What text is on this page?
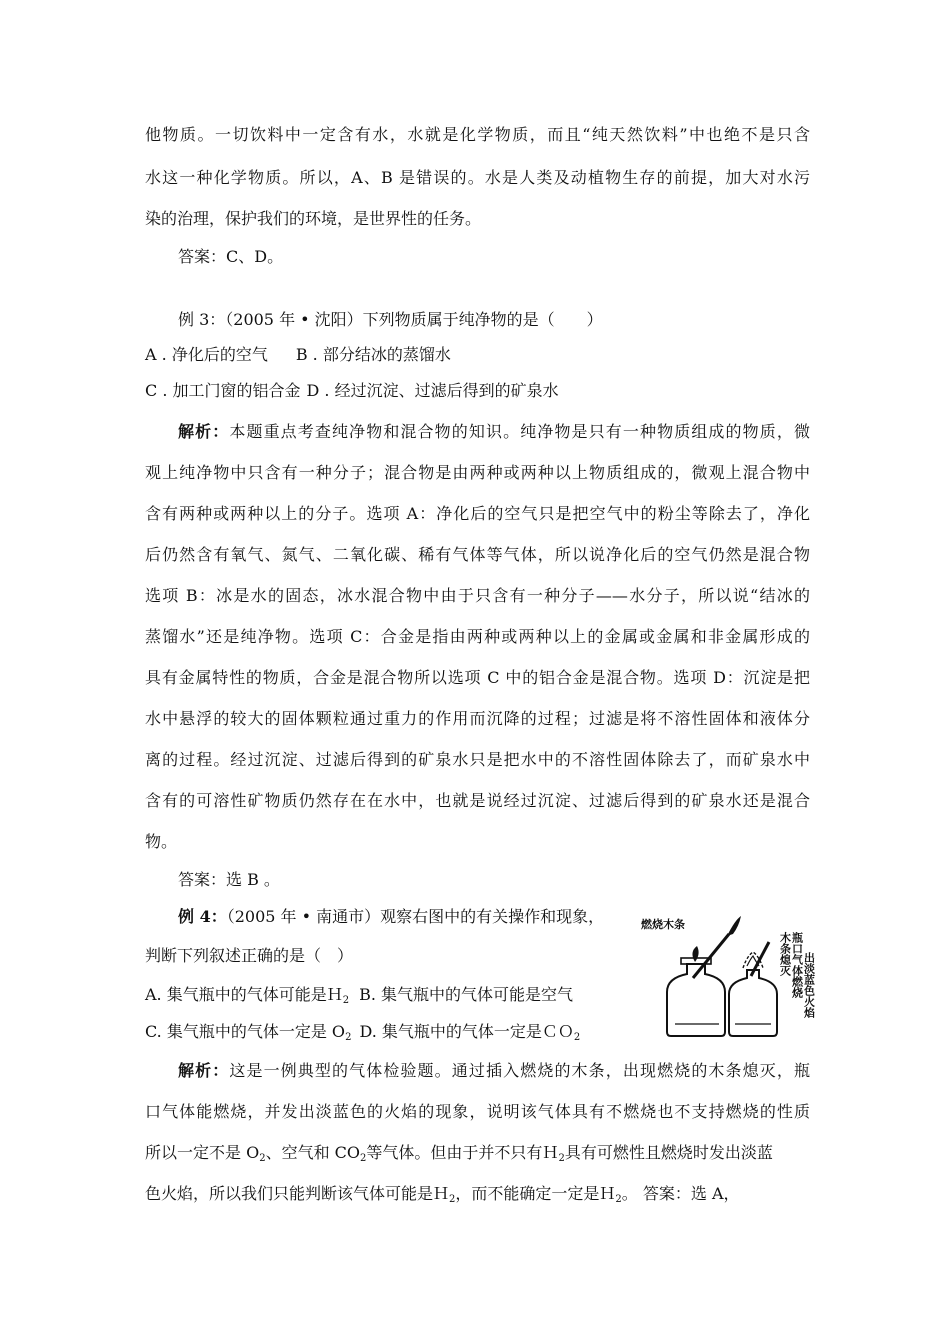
他物质。一切饮料中一定含有水，水就是化学物质，而且“纯天然饮料”中也绝不是只含
水这一种化学物质。所以，A、B 是错误的。水是人类及动植物生存的前提，加大对水污
染的治理，保护我们的环境，是世界性的任务。
答案：C、D。
例 3：（2005 年 • 沈阳）下列物质属于纯净物的是（　　）
A . 净化后的空气 B . 部分结冰的蒸馏水
C . 加工门窗的铝合金 D . 经过沉淀、过滤后得到的矿泉水
解析：本题重点考查纯净物和混合物的知识。纯净物是只有一种物质组成的物质，微
观上纯净物中只含有一种分子；混合物是由两种或两种以上物质组成的，微观上混合物中
含有两种或两种以上的分子。选项 A：净化后的空气只是把空气中的粉尘等除去了，净化
后仍然含有氧气、氮气、二氧化碳、稀有气体等气体，所以说净化后的空气仍然是混合物
选项 B：冰是水的固态，冰水混合物中由于只含有一种分子——水分子，所以说“结冰的
蒸馏水”还是纯净物。选项 C：合金是指由两种或两种以上的金属或金属和非金属形成的
具有金属特性的物质，合金是混合物所以选项 C 中的铝合金是混合物。选项 D：沉淀是把
水中悬浮的较大的固体颗粒通过重力的作用而沉降的过程；过滤是将不溶性固体和液体分
离的过程。经过沉淀、过滤后得到的矿泉水只是把水中的不溶性固体除去了，而矿泉水中
含有的可溶性矿物质仍然存在在水中，也就是说经过沉淀、过滤后得到的矿泉水还是混合
物。
答案：选 B 。
例 4：（2005 年 • 南通市）观察右图中的有关操作和现象，
判断下列叙述正确的是（　）
A. 集气瓶中的气体可能是Ｈ$_2$ B. 集气瓶中的气体可能是空气
C. 集气瓶中的气体一定是 $O_2$ D. 集气瓶中的气体一定是ＣＯ$_2$
燃烧木条
木条熄灭 瓶口气体燃烧 出淡蓝色火焰
解析：这是一例典型的气体检验题。通过插入燃烧的木条，出现燃烧的木条熄灭，瓶
口气体能燃烧，并发出淡蓝色的火焰的现象，说明该气体具有不燃烧也不支持燃烧的性质
所以一定不是 $O_2$、空气和 $CO_2$等气体。但由于并不只有Ｈ$_2$具有可燃性且燃烧时发出淡蓝
色火焰，所以我们只能判断该气体可能是Ｈ$_2$，而不能确定一定是Ｈ$_2$。 答案：选 A，
